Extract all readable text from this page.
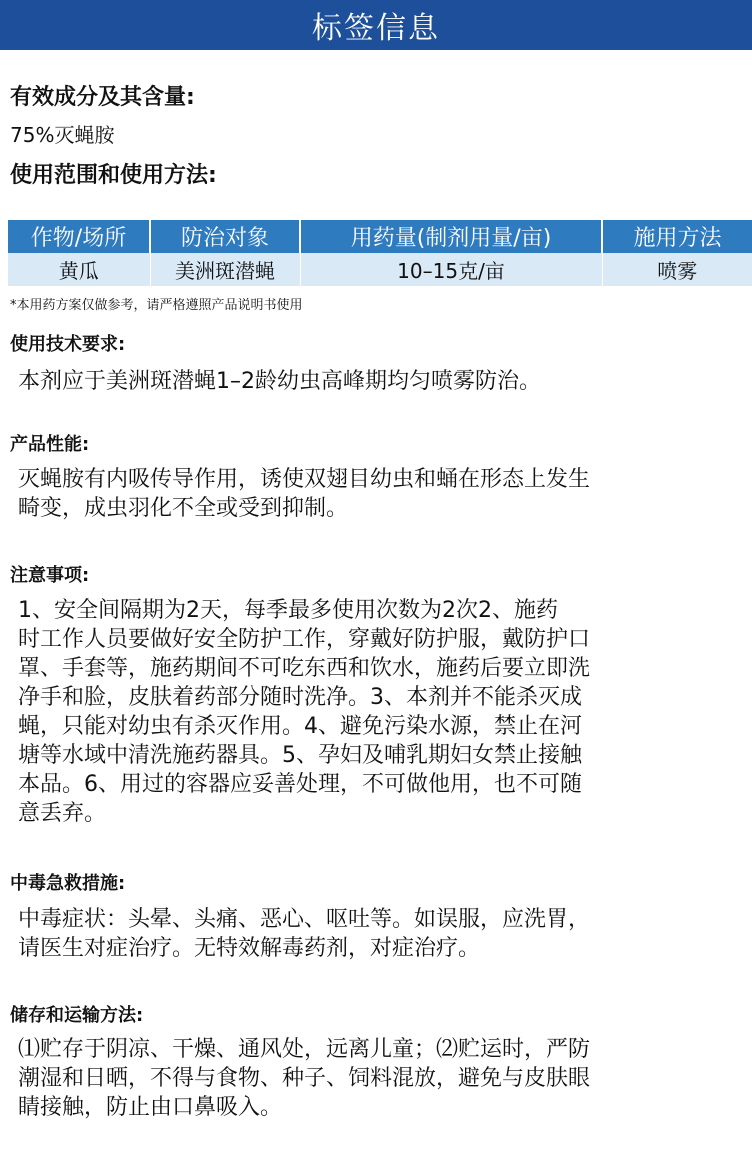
标签信息
有效成分及其含量:
75%灭蝇胺
使用范围和使用方法:
作物/场所	防治对象	用药量(制剂用量/亩)	施用方法
黄瓜	美洲斑潜蝇	10–15克/亩	喷雾
*本用药方案仅做参考，请严格遵照产品说明书使用
使用技术要求:
本剂应于美洲斑潜蝇1–2龄幼虫高峰期均匀喷雾防治。
产品性能:
灭蝇胺有内吸传导作用，诱使双翅目幼虫和蛹在形态上发生
畸变，成虫羽化不全或受到抑制。
注意事项:
1、安全间隔期为2天，每季最多使用次数为2次2、施药
时工作人员要做好安全防护工作，穿戴好防护服，戴防护口
罩、手套等，施药期间不可吃东西和饮水，施药后要立即洗
净手和脸，皮肤着药部分随时洗净。3、本剂并不能杀灭成
蝇，只能对幼虫有杀灭作用。4、避免污染水源，禁止在河
塘等水域中清洗施药器具。5、孕妇及哺乳期妇女禁止接触
本品。6、用过的容器应妥善处理，不可做他用，也不可随
意丢弃。
中毒急救措施:
中毒症状：头晕、头痛、恶心、呕吐等。如误服，应洗胃，
请医生对症治疗。无特效解毒药剂，对症治疗。
储存和运输方法:
⑴贮存于阴凉、干燥、通风处，远离儿童；⑵贮运时，严防
潮湿和日晒，不得与食物、种子、饲料混放，避免与皮肤眼
睛接触，防止由口鼻吸入。
